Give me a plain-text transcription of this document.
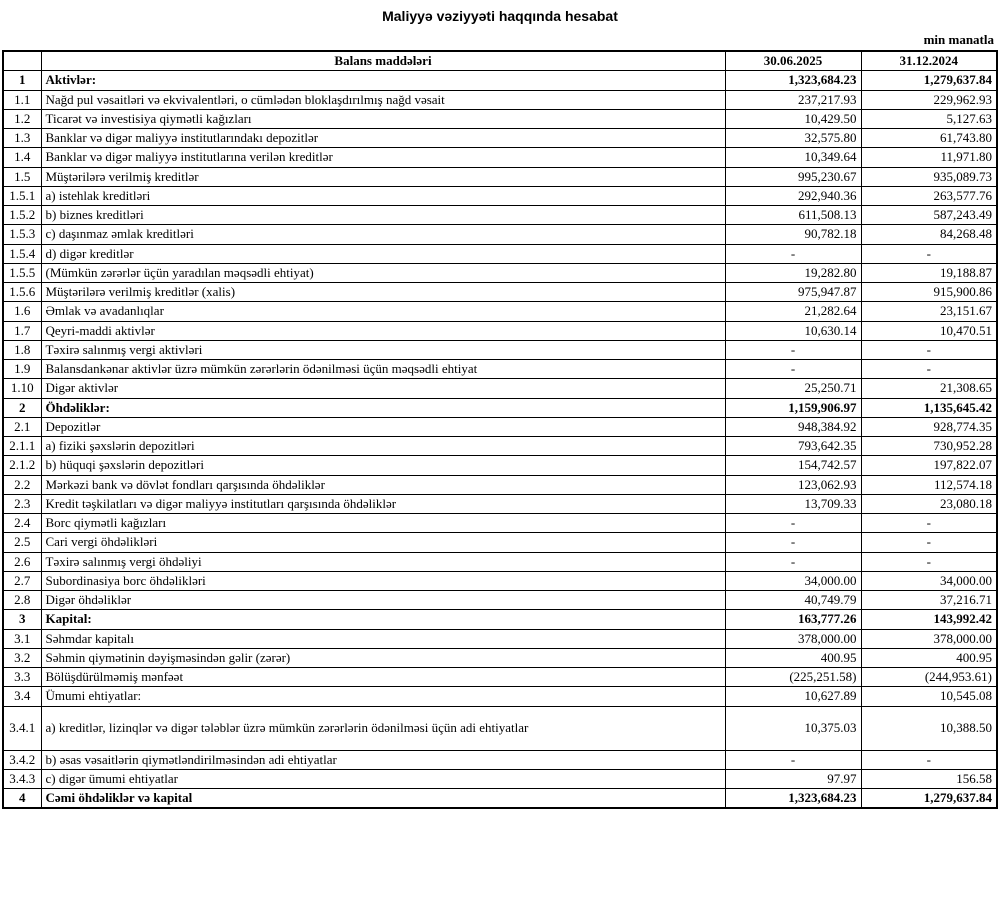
Maliyyə vəziyyəti haqqında hesabat
min manatla
	Balans maddələri	30.06.2025	31.12.2024
1	Aktivlər:	1,323,684.23	1,279,637.84
1.1	Nağd pul vəsaitləri və ekvivalentləri, o cümlədən bloklaşdırılmış nağd vəsait	237,217.93	229,962.93
1.2	Ticarət və investisiya qiymətli kağızları	10,429.50	5,127.63
1.3	Banklar və digər maliyyə institutlarındakı depozitlər	32,575.80	61,743.80
1.4	Banklar və digər maliyyə institutlarına verilən kreditlər	10,349.64	11,971.80
1.5	Müştərilərə verilmiş kreditlər	995,230.67	935,089.73
1.5.1	a) istehlak kreditləri	292,940.36	263,577.76
1.5.2	b) biznes kreditləri	611,508.13	587,243.49
1.5.3	c) daşınmaz əmlak kreditləri	90,782.18	84,268.48
1.5.4	d) digər kreditlər	-	-
1.5.5	(Mümkün zərərlər üçün yaradılan məqsədli ehtiyat)	19,282.80	19,188.87
1.5.6	Müştərilərə verilmiş kreditlər (xalis)	975,947.87	915,900.86
1.6	Əmlak və avadanlıqlar	21,282.64	23,151.67
1.7	Qeyri-maddi aktivlər	10,630.14	10,470.51
1.8	Təxirə salınmış vergi aktivləri	-	-
1.9	Balansdankənar aktivlər üzrə mümkün zərərlərin ödənilməsi üçün məqsədli ehtiyat	-	-
1.10	Digər aktivlər	25,250.71	21,308.65
2	Öhdəliklər:	1,159,906.97	1,135,645.42
2.1	Depozitlər	948,384.92	928,774.35
2.1.1	a) fiziki şəxslərin depozitləri	793,642.35	730,952.28
2.1.2	b) hüquqi şəxslərin depozitləri	154,742.57	197,822.07
2.2	Mərkəzi bank və dövlət fondları qarşısında öhdəliklər	123,062.93	112,574.18
2.3	Kredit təşkilatları və digər maliyyə institutları qarşısında öhdəliklər	13,709.33	23,080.18
2.4	Borc qiymətli kağızları	-	-
2.5	Cari vergi öhdəlikləri	-	-
2.6	Təxirə salınmış vergi öhdəliyi	-	-
2.7	Subordinasiya borc öhdəlikləri	34,000.00	34,000.00
2.8	Digər öhdəliklər	40,749.79	37,216.71
3	Kapital:	163,777.26	143,992.42
3.1	Səhmdar kapitalı	378,000.00	378,000.00
3.2	Səhmin qiymətinin dəyişməsindən gəlir (zərər)	400.95	400.95
3.3	Bölüşdürülməmiş mənfəət	(225,251.58)	(244,953.61)
3.4	Ümumi ehtiyatlar:	10,627.89	10,545.08
3.4.1	a) kreditlər, lizinqlər və digər tələblər üzrə mümkün zərərlərin ödənilməsi üçün adi ehtiyatlar	10,375.03	10,388.50
3.4.2	b) əsas vəsaitlərin qiymətləndirilməsindən adi ehtiyatlar	-	-
3.4.3	c) digər ümumi ehtiyatlar	97.97	156.58
4	Cəmi öhdəliklər və kapital	1,323,684.23	1,279,637.84
